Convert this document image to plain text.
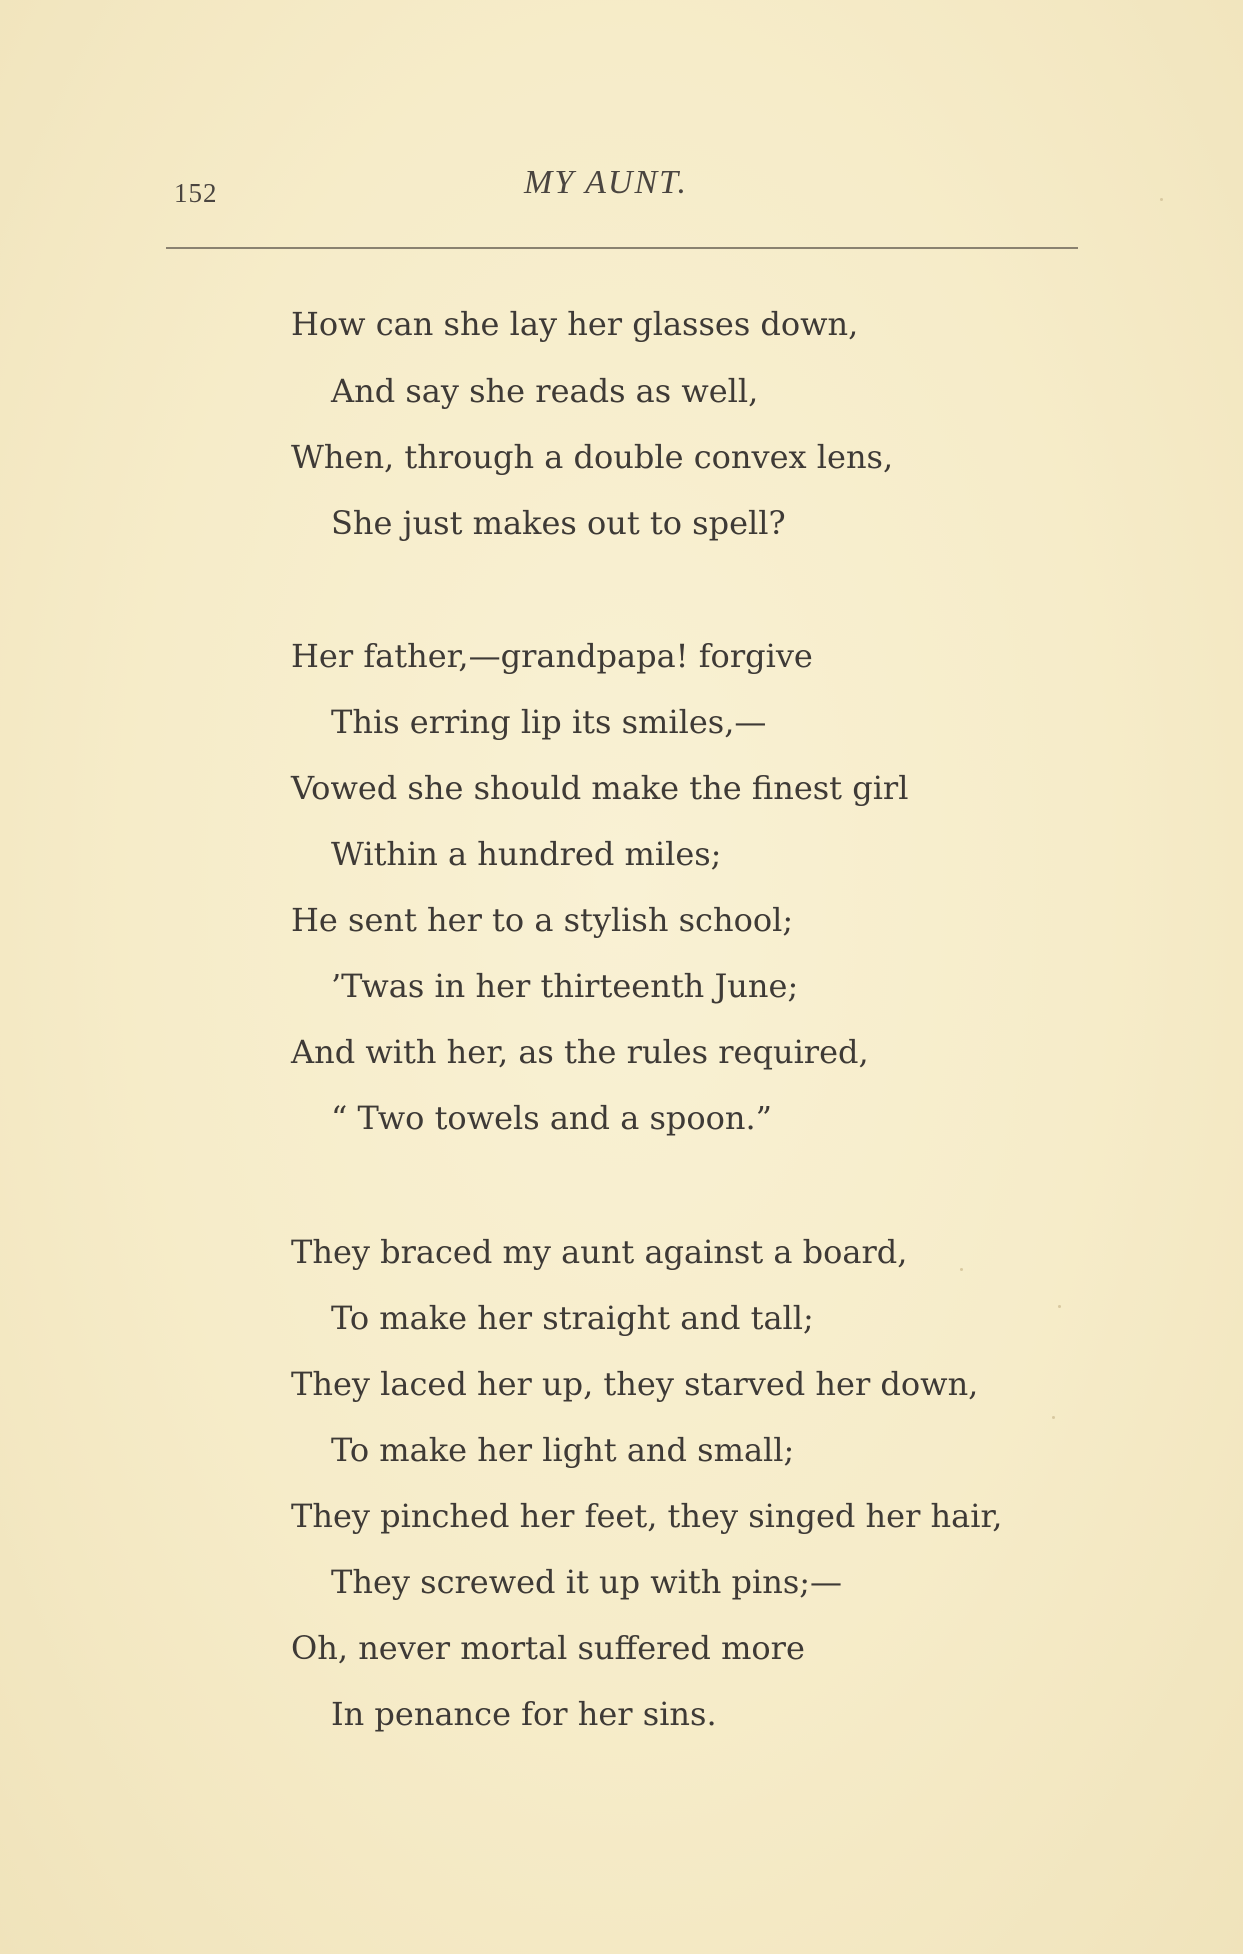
152	MY AUNT.
How can she lay her glasses down,
And say she reads as well,
When, through a double convex lens,
She just makes out to spell?
Her father,—grandpapa! forgive
This erring lip its smiles,—
Vowed she should make the finest girl
Within a hundred miles;
He sent her to a stylish school;
’Twas in her thirteenth June;
And with her, as the rules required,
“ Two towels and a spoon.”
They braced my aunt against a board,
To make her straight and tall;
They laced her up, they starved her down,
To make her light and small;
They pinched her feet, they singed her hair,
They screwed it up with pins;—
Oh, never mortal suffered more
In penance for her sins.
